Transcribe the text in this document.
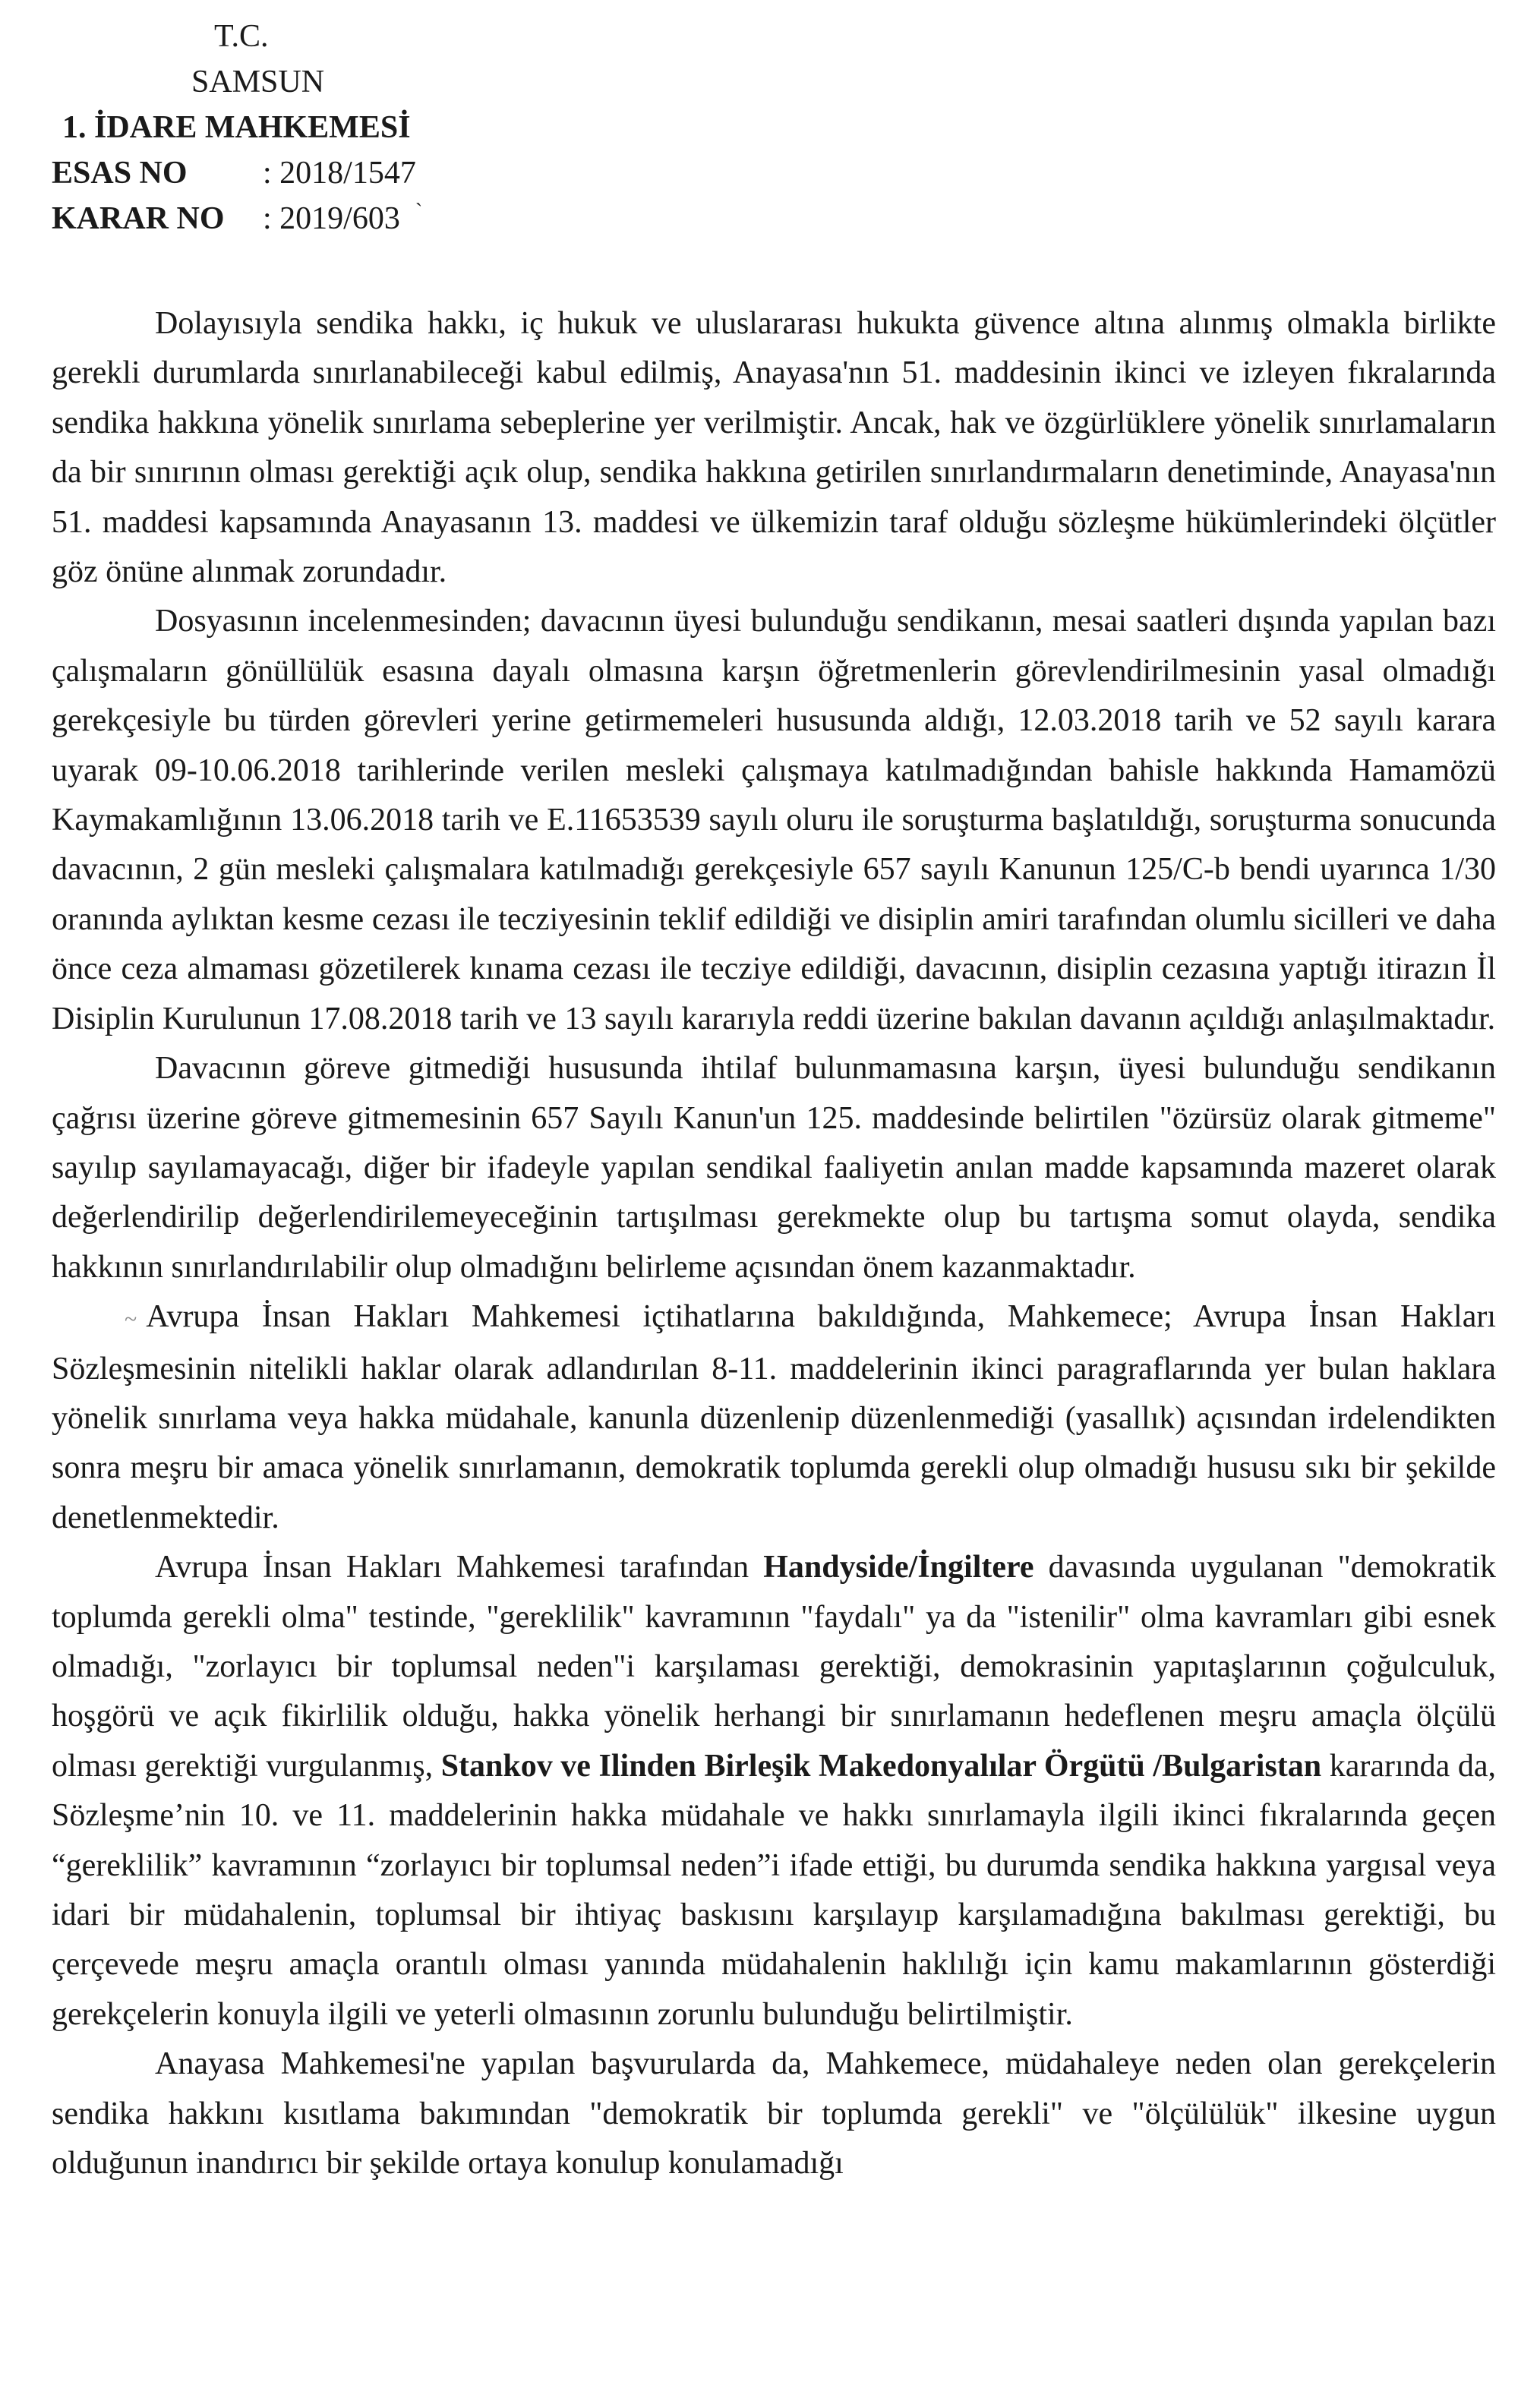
T.C.
SAMSUN
1. İDARE MAHKEMESİ
ESAS NO	: 2018/1547
KARAR NO	: 2019/603 `

Dolayısıyla sendika hakkı, iç hukuk ve uluslararası hukukta güvence altına alınmış olmakla birlikte gerekli durumlarda sınırlanabileceği kabul edilmiş, Anayasa'nın 51. maddesinin ikinci ve izleyen fıkralarında sendika hakkına yönelik sınırlama sebeplerine yer verilmiştir. Ancak, hak ve özgürlüklere yönelik sınırlamaların da bir sınırının olması gerektiği açık olup, sendika hakkına getirilen sınırlandırmaların denetiminde, Anayasa'nın 51. maddesi kapsamında Anayasanın 13. maddesi ve ülkemizin taraf olduğu sözleşme hükümlerindeki ölçütler göz önüne alınmak zorundadır.

Dosyasının incelenmesinden; davacının üyesi bulunduğu sendikanın, mesai saatleri dışında yapılan bazı çalışmaların gönüllülük esasına dayalı olmasına karşın öğretmenlerin görevlendirilmesinin yasal olmadığı gerekçesiyle bu türden görevleri yerine getirmemeleri hususunda aldığı, 12.03.2018 tarih ve 52 sayılı karara uyarak 09-10.06.2018 tarihlerinde verilen mesleki çalışmaya katılmadığından bahisle hakkında Hamamözü Kaymakamlığının 13.06.2018 tarih ve E.11653539 sayılı oluru ile soruşturma başlatıldığı, soruşturma sonucunda davacının, 2 gün mesleki çalışmalara katılmadığı gerekçesiyle 657 sayılı Kanunun 125/C-b bendi uyarınca 1/30 oranında aylıktan kesme cezası ile tecziyesinin teklif edildiği ve disiplin amiri tarafından olumlu sicilleri ve daha önce ceza almaması gözetilerek kınama cezası ile tecziye edildiği, davacının, disiplin cezasına yaptığı itirazın İl Disiplin Kurulunun 17.08.2018 tarih ve 13 sayılı kararıyla reddi üzerine bakılan davanın açıldığı anlaşılmaktadır.

Davacının göreve gitmediği hususunda ihtilaf bulunmamasına karşın, üyesi bulunduğu sendikanın çağrısı üzerine göreve gitmemesinin 657 Sayılı Kanun'un 125. maddesinde belirtilen "özürsüz olarak gitmeme" sayılıp sayılamayacağı, diğer bir ifadeyle yapılan sendikal faaliyetin anılan madde kapsamında mazeret olarak değerlendirilip değerlendirilemeyeceğinin tartışılması gerekmekte olup bu tartışma somut olayda, sendika hakkının sınırlandırılabilir olup olmadığını belirleme açısından önem kazanmaktadır.

~ Avrupa İnsan Hakları Mahkemesi içtihatlarına bakıldığında, Mahkemece; Avrupa İnsan Hakları Sözleşmesinin nitelikli haklar olarak adlandırılan 8-11. maddelerinin ikinci paragraflarında yer bulan haklara yönelik sınırlama veya hakka müdahale, kanunla düzenlenip düzenlenmediği (yasallık) açısından irdelendikten sonra meşru bir amaca yönelik sınırlamanın, demokratik toplumda gerekli olup olmadığı hususu sıkı bir şekilde denetlenmektedir.

Avrupa İnsan Hakları Mahkemesi tarafından Handyside/İngiltere davasında uygulanan "demokratik toplumda gerekli olma" testinde, "gereklilik" kavramının "faydalı" ya da "istenilir" olma kavramları gibi esnek olmadığı, "zorlayıcı bir toplumsal neden"i karşılaması gerektiği, demokrasinin yapıtaşlarının çoğulculuk, hoşgörü ve açık fikirlilik olduğu, hakka yönelik herhangi bir sınırlamanın hedeflenen meşru amaçla ölçülü olması gerektiği vurgulanmış, Stankov ve Ilinden Birleşik Makedonyalılar Örgütü /Bulgaristan kararında da, Sözleşme’nin 10. ve 11. maddelerinin hakka müdahale ve hakkı sınırlamayla ilgili ikinci fıkralarında geçen “gereklilik” kavramının “zorlayıcı bir toplumsal neden”i ifade ettiği, bu durumda sendika hakkına yargısal veya idari bir müdahalenin, toplumsal bir ihtiyaç baskısını karşılayıp karşılamadığına bakılması gerektiği, bu çerçevede meşru amaçla orantılı olması yanında müdahalenin haklılığı için kamu makamlarının gösterdiği gerekçelerin konuyla ilgili ve yeterli olmasının zorunlu bulunduğu belirtilmiştir.

Anayasa Mahkemesi'ne yapılan başvurularda da, Mahkemece, müdahaleye neden olan gerekçelerin sendika hakkını kısıtlama bakımından "demokratik bir toplumda gerekli" ve "ölçülülük" ilkesine uygun olduğunun inandırıcı bir şekilde ortaya konulup konulamadığı
